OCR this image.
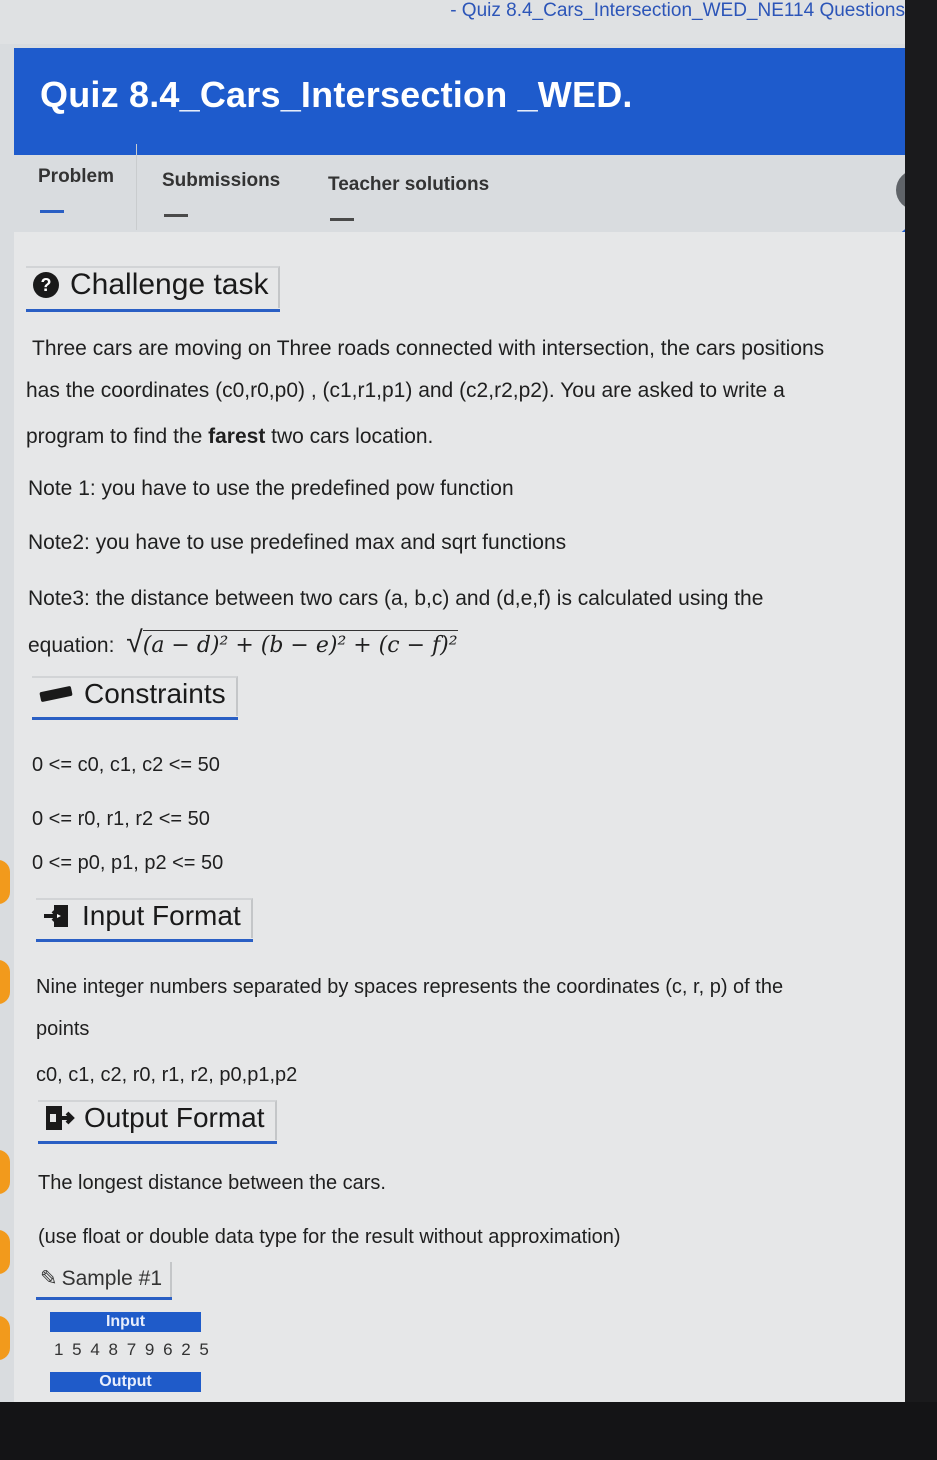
- Quiz 8.4_Cars_Intersection_WED_NE114 Questions
Quiz 8.4_Cars_Intersection _WED.
Problem	Submissions	Teacher solutions
? Challenge task
Three cars are moving on Three roads connected with intersection, the cars positions
has the coordinates (c0,r0,p0) , (c1,r1,p1) and (c2,r2,p2). You are asked to write a
program to find the farest two cars location.
Note 1: you have to use the predefined pow function
Note2: you have to use predefined max and sqrt functions
Note3: the distance between two cars (a, b,c) and (d,e,f) is calculated using the
equation: √(a − d)² + (b − e)² + (c − f)²
Constraints
0 <= c0, c1, c2 <= 50
0 <= r0, r1, r2 <= 50
0 <= p0, p1, p2 <= 50
Input Format
Nine integer numbers separated by spaces represents the coordinates (c, r, p) of the
points
c0, c1, c2, r0, r1, r2, p0,p1,p2
Output Format
The longest distance between the cars.
(use float or double data type for the result without approximation)
✎ Sample #1
Input
1 5 4 8 7 9 6 2 5
Output
